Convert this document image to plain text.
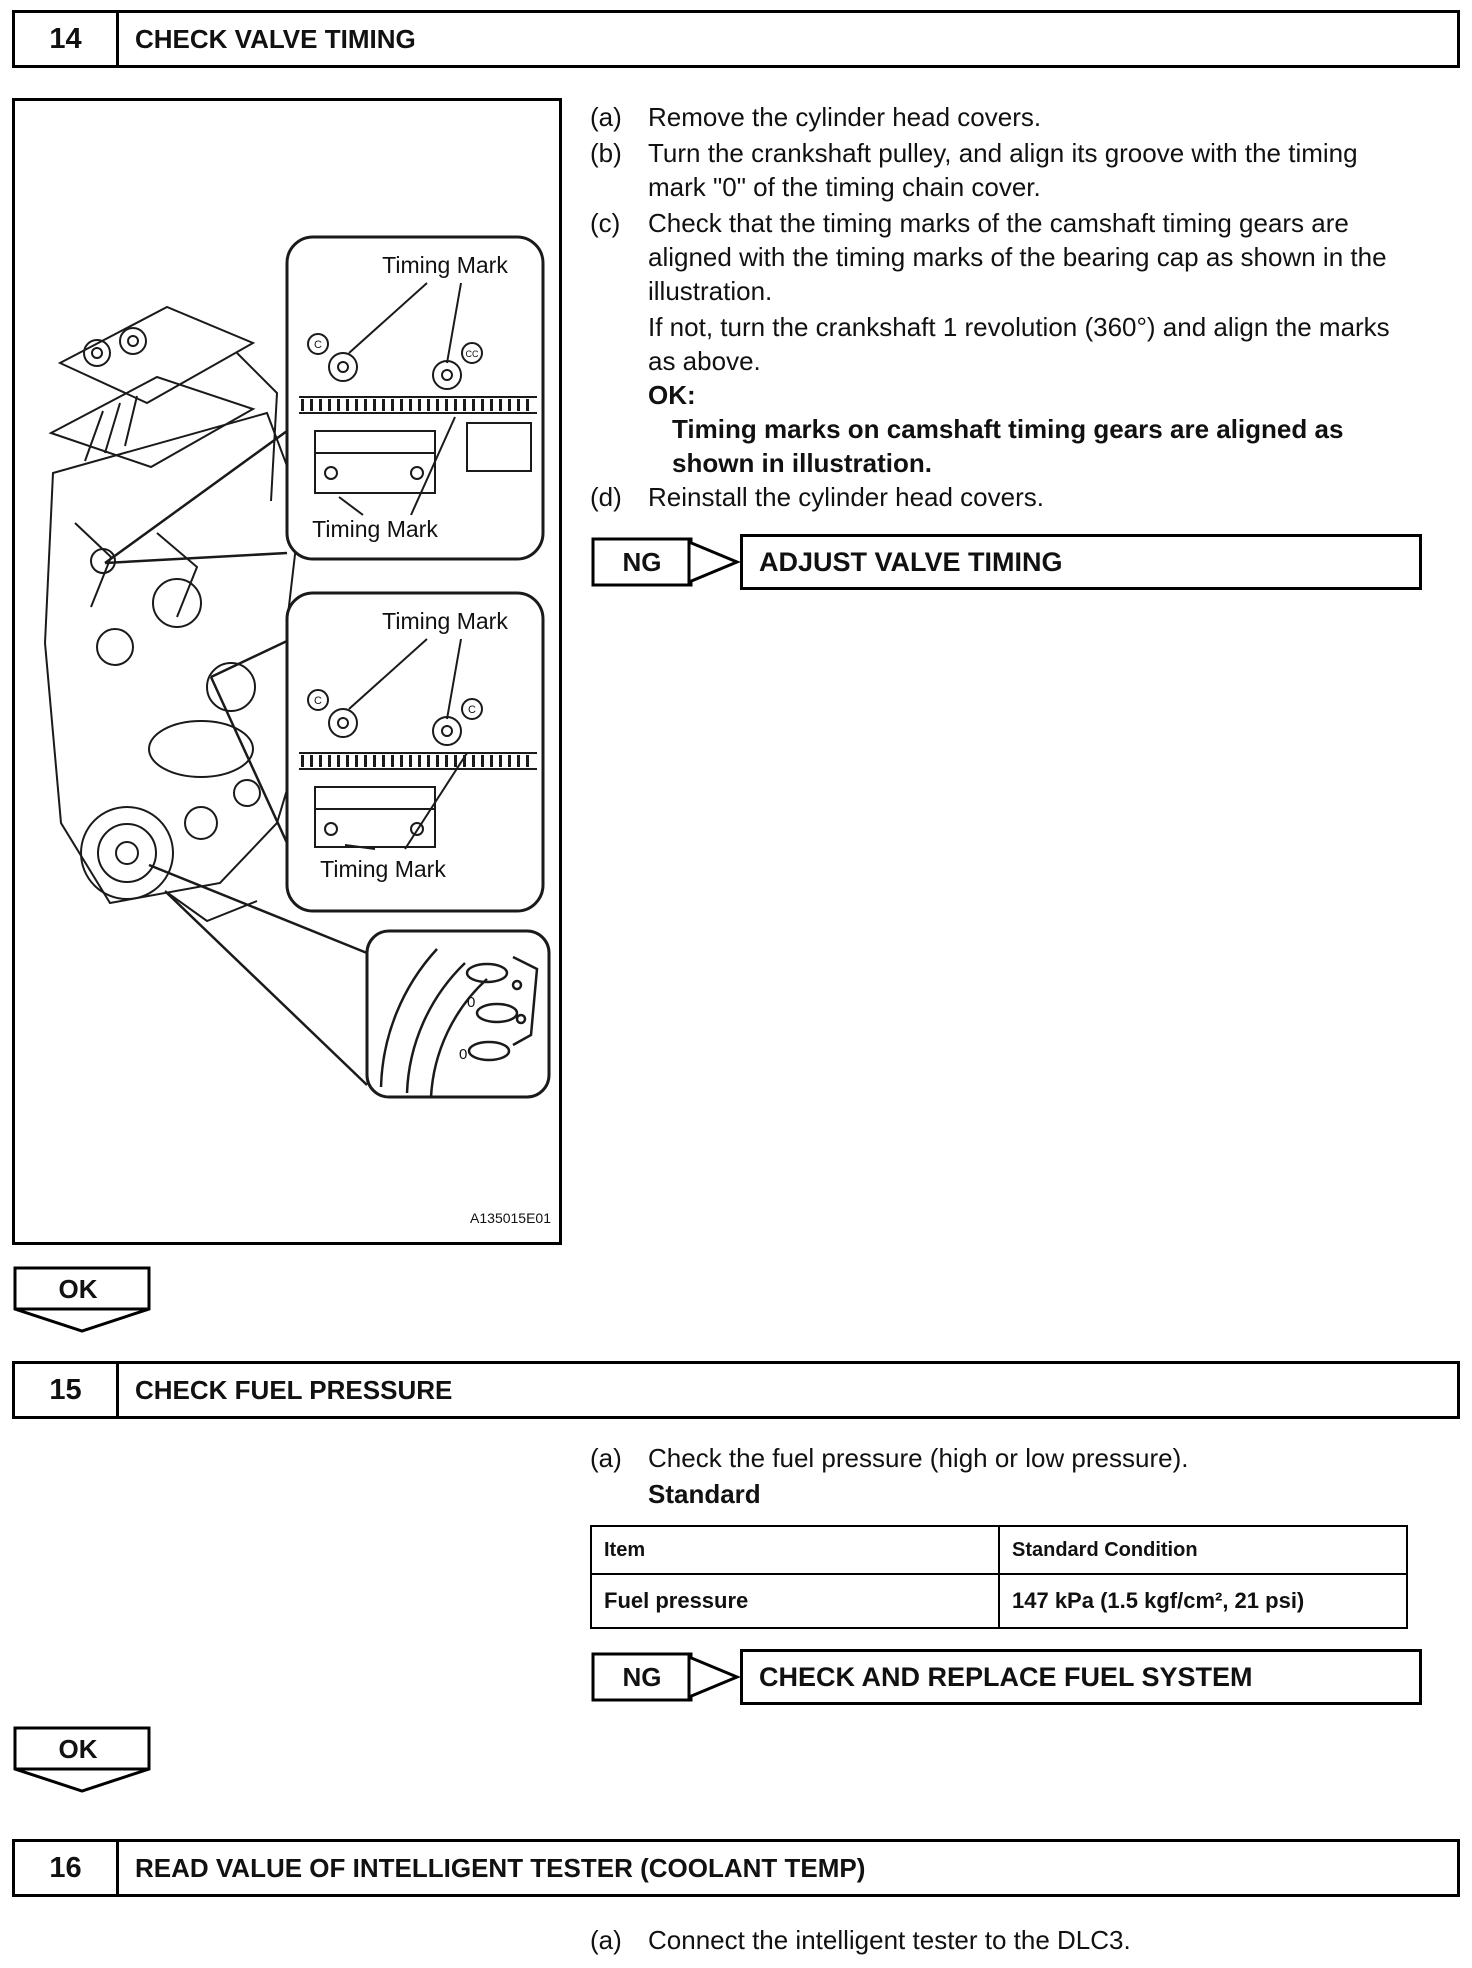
14	CHECK VALVE TIMING
Timing Mark
Timing Mark
Timing Mark
Timing Mark
C
CC
C
C
0
0
A135015E01
(a)	Remove the cylinder head covers.
(b)	Turn the crankshaft pulley, and align its groove with the timing mark "0" of the timing chain cover.
(c)	Check that the timing marks of the camshaft timing gears are aligned with the timing marks of the bearing cap as shown in the illustration.
If not, turn the crankshaft 1 revolution (360°) and align the marks as above.
OK:
Timing marks on camshaft timing gears are aligned as shown in illustration.
(d)	Reinstall the cylinder head covers.
NG	ADJUST VALVE TIMING
OK
15	CHECK FUEL PRESSURE
(a)	Check the fuel pressure (high or low pressure).
Standard
Item	Standard Condition
Fuel pressure	147 kPa (1.5 kgf/cm², 21 psi)
NG	CHECK AND REPLACE FUEL SYSTEM
OK
16	READ VALUE OF INTELLIGENT TESTER (COOLANT TEMP)
(a)	Connect the intelligent tester to the DLC3.
